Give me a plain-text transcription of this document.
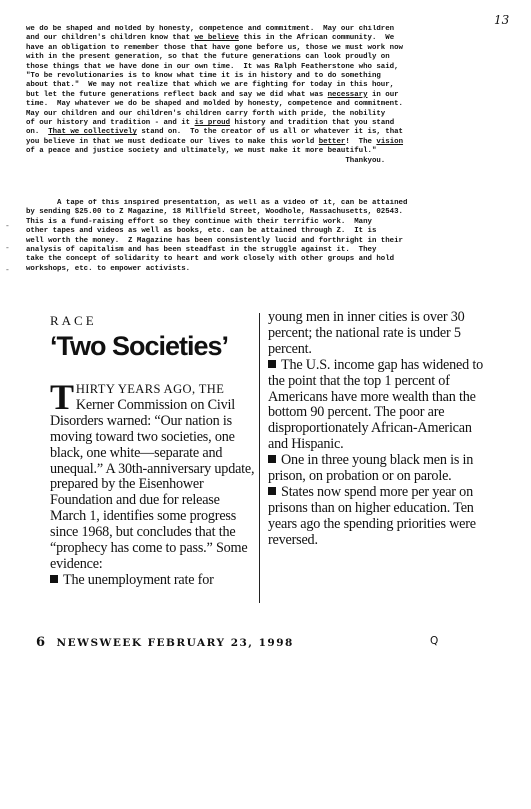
13
we do be shaped and molded by honesty, competence and commitment.  May our children
and our children's children know that we believe this in the African community.  We
have an obligation to remember those that have gone before us, those we must work now
with in the present generation, so that the future generations can look proudly on
those things that we have done in our own time.  It was Ralph Featherstone who said,
"To be revolutionaries is to know what time it is in history and to do something
about that."  We may not realize that which we are fighting for today in this hour,
but let the future generations reflect back and say we did what was necessary in our
time.  May whatever we do be shaped and molded by honesty, competence and commitment.
May our children and our children's children carry forth with pride, the nobility
of our history and tradition - and it is proud history and tradition that you stand
on.  That we collectively stand on.  To the creator of us all or whatever it is, that
you believe in that we must dedicate our lives to make this world better!  The vision
of a peace and justice society and ultimately, we must make it more beautiful."
Thankyou.
A tape of this inspired presentation, as well as a video of it, can be attained
by sending $25.00 to Z Magazine, 18 Millfield Street, Woodhole, Massachusetts, 02543.
This is a fund-raising effort so they continue with their terrific work.  Many
other tapes and videos as well as books, etc. can be attained through Z.  It is
well worth the money.  Z Magazine has been consistently lucid and forthright in their
analysis of capitalism and has been steadfast in the struggle against it.  They
take the concept of solidarity to heart and work closely with other groups and hold
workshops, etc. to empower activists.
-
-
-
RACE
‘Two Societies’
THIRTY YEARS AGO, THE Kerner Commission on Civil Disorders warned: “Our nation is moving toward two societies, one black, one white—separate and unequal.” A 30th-anniversary update, prepared by the Eisenhower Foundation and due for release March 1, identifies some progress since 1968, but concludes that the “prophecy has come to pass.” Some evidence:
The unemployment rate for
young men in inner cities is over 30 percent; the national rate is under 5 percent.
The U.S. income gap has widened to the point that the top 1 percent of Americans have more wealth than the bottom 90 percent. The poor are disproportionately African-American and Hispanic.
One in three young black men is in prison, on probation or on parole.
States now spend more per year on prisons than on higher education. Ten years ago the spending priorities were reversed.
6 NEWSWEEK FEBRUARY 23, 1998	Q
